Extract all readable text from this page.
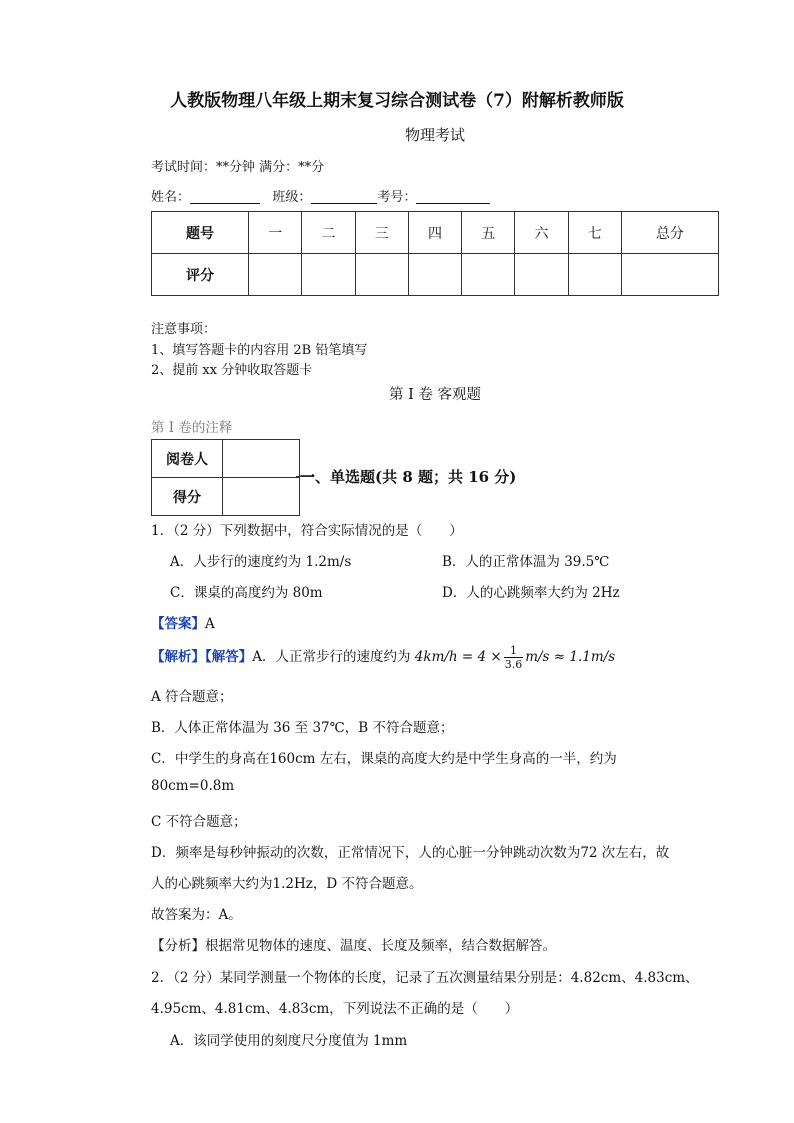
人教版物理八年级上期末复习综合测试卷（7）附解析教师版
物理考试
考试时间：**分钟 满分：**分
姓名：	班级：	考号：
题号	一	二	三	四	五	六	七	总分
评分								
注意事项：
1、填写答题卡的内容用 2B 铅笔填写
2、提前 xx 分钟收取答题卡
第 I 卷 客观题
第 I 卷的注释
阅卷人	
得分	
一、单选题(共 8 题；共 16 分)
1．（2 分）下列数据中，符合实际情况的是（　　）
A．人步行的速度约为 1.2m/s	B．人的正常体温为 39.5℃
C．课桌的高度约为 80m	D．人的心跳频率大约为 2Hz
【答案】A
【解析】【解答】A．人正常步行的速度约为 $4km/h = 4 \times \frac{1}{3.6} m/s \approx 1.1m/s$
A 符合题意；
B．人体正常体温为 36 至 37℃，B 不符合题意；
C．中学生的身高在160cm 左右，课桌的高度大约是中学生身高的一半，约为
80cm=0.8m
C 不符合题意；
D．频率是每秒钟振动的次数，正常情况下，人的心脏一分钟跳动次数为72 次左右，故
人的心跳频率大约为1.2Hz，D 不符合题意。
故答案为：A。
【分析】根据常见物体的速度、温度、长度及频率，结合数据解答。
2．（2 分）某同学测量一个物体的长度，记录了五次测量结果分别是：4.82cm、4.83cm、
4.95cm、4.81cm、4.83cm，下列说法不正确的是（　　）
A．该同学使用的刻度尺分度值为 1mm
